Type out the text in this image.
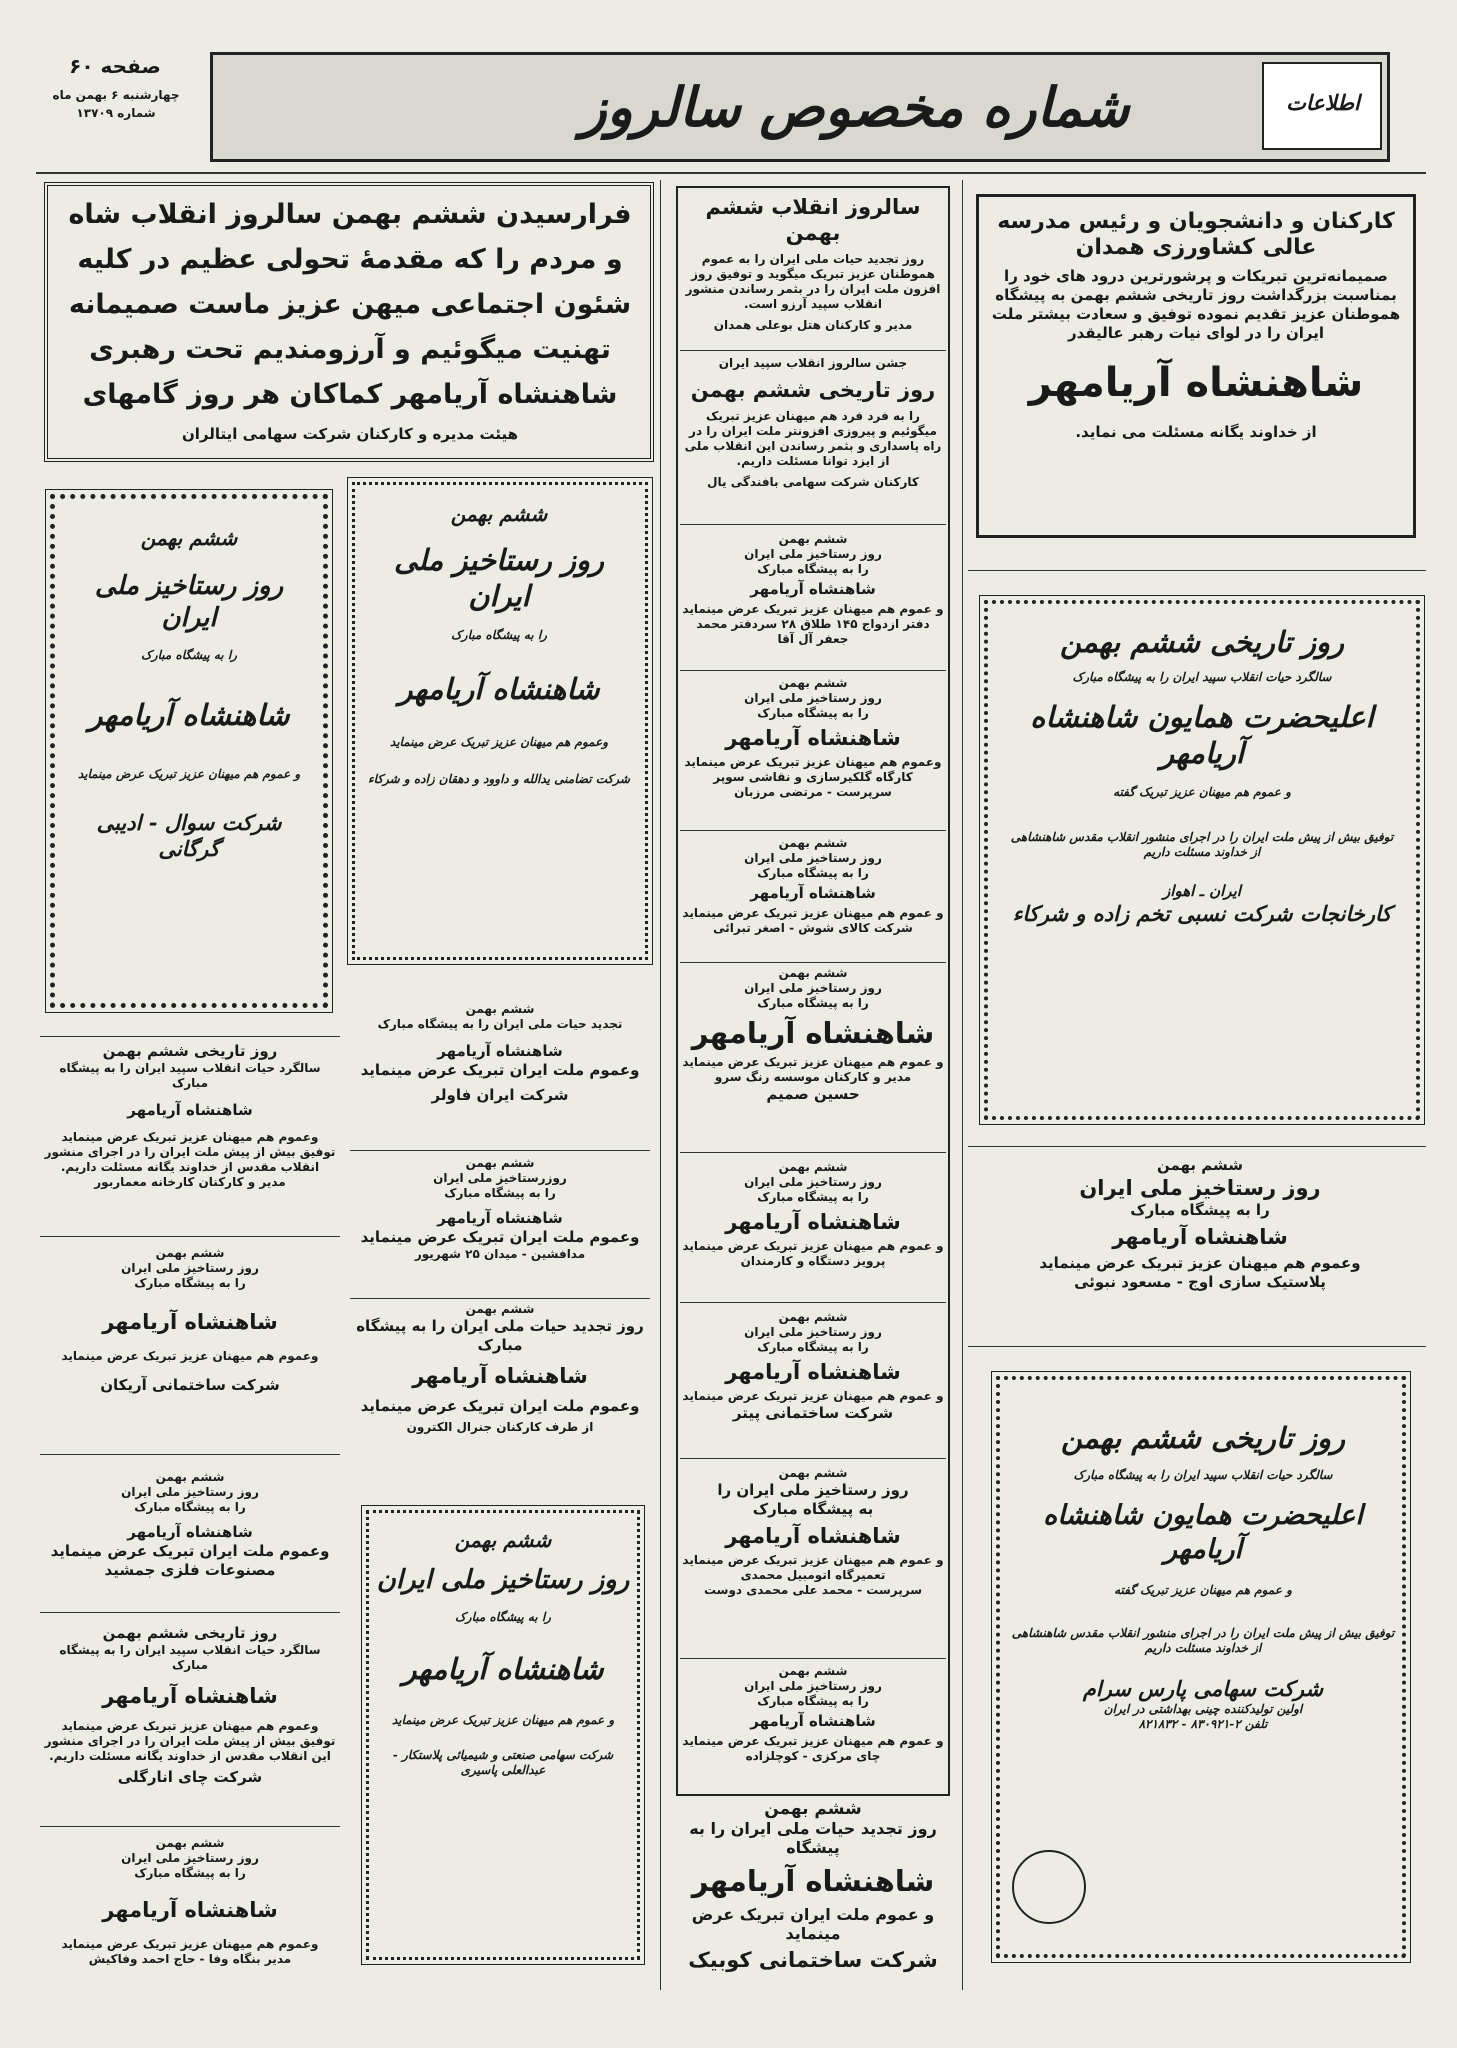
شماره مخصوص سالروز	اطلاعات
صفحه ۶۰
چهارشنبه ۶ بهمن ماه
شماره ۱۳۷۰۹
فرارسیدن ششم بهمن سالروز انقلاب شاه و مردم را که مقدمهٔ تحولی عظیم در کلیه شئون اجتماعی میهن عزیز ماست صمیمانه تهنیت میگوئیم و آرزومندیم تحت رهبری شاهنشاه آریامهر کماکان هر روز گامهای
هیئت مدیره و کارکنان شرکت سهامی ایتالران
سالروز انقلاب ششم بهمن
روز تجدید حیات ملی ایران را به عموم هموطنان عزیز تبریک میگوید و توفیق روز افزون ملت ایران را در بثمر رساندن منشور انقلاب سپید آرزو است.
مدیر و کارکنان هتل بوعلی همدان
جشن سالروز انقلاب سپید ایران
روز تاریخی ششم بهمن
را به فرد فرد هم میهنان عزیز تبریک میگوئیم و پیروزی افزونتر ملت ایران را در راه پاسداری و بثمر رساندن این انقلاب ملی از ایزد توانا مسئلت داریم.
کارکنان شرکت سهامی بافندگی یال
ششم بهمن
روز رستاخیز ملی ایران
را به پیشگاه مبارک
شاهنشاه آریامهر
و عموم هم میهنان عزیز تبریک عرض مینماید
دفتر ازدواج ۱۴۵ طلاق ۲۸ سردفتر محمد جعفر آل آقا
ششم بهمن
روز رستاخیز ملی ایران
را به پیشگاه مبارک
شاهنشاه آریامهر
وعموم هم میهنان عزیز تبریک عرض مینماید
کارگاه گلکیرسازی و نقاشی سوپر
سرپرست - مرتضی مرزبان
ششم بهمن
روز رستاخیز ملی ایران
را به پیشگاه مبارک
شاهنشاه آریامهر
و عموم هم میهنان عزیز تبریک عرض مینماید
شرکت کالای شوش - اصغر تبرائی
ششم بهمن
روز رستاخیز ملی ایران
را به پیشگاه مبارک
شاهنشاه آریامهر
و عموم هم میهنان عزیز تبریک عرض مینماید
مدیر و کارکنان موسسه رنگ سرو
حسین صمیم
ششم بهمن
روز رستاخیز ملی ایران
را به پیشگاه مبارک
شاهنشاه آریامهر
و عموم هم میهنان عزیز تبریک عرض مینماید
پرویز دستگاه و کارمندان
ششم بهمن
روز رستاخیز ملی ایران
را به پیشگاه مبارک
شاهنشاه آریامهر
و عموم هم میهنان عزیز تبریک عرض مینماید
شرکت ساختمانی پیتر
ششم بهمن
روز رستاخیز ملی ایران را
به پیشگاه مبارک
شاهنشاه آریامهر
و عموم هم میهنان عزیز تبریک عرض مینماید
تعمیرگاه اتومبیل محمدی
سرپرست - محمد علی محمدی دوست
ششم بهمن
روز رستاخیز ملی ایران
را به پیشگاه مبارک
شاهنشاه آریامهر
و عموم هم میهنان عزیز تبریک عرض مینماید
چای مرکزی - کوچلزاده
ششم بهمن
روز تجدید حیات ملی ایران را به پیشگاه
شاهنشاه آریامهر
و عموم ملت ایران تبریک عرض مینماید
شرکت ساختمانی کوبیک
ششم بهمن
روز رستاخیز ملی ایران
را به پیشگاه مبارک
شاهنشاه آریامهر
وعموم هم میهنان عزیز تبریک عرض مینماید
شرکت تضامنی یدالله و داوود و دهقان زاده و شرکاء
ششم بهمن
تجدید حیات ملی ایران را به پیشگاه مبارک
شاهنشاه آریامهر
وعموم ملت ایران تبریک عرض مینماید
شرکت ایران فاولر
ششم بهمن
روزرستاخیز ملی ایران
را به پیشگاه مبارک
شاهنشاه آریامهر
وعموم ملت ایران تبریک عرض مینماید
مدافشین - میدان ۲۵ شهریور
ششم بهمن
روز تجدید حیات ملی ایران را به پیشگاه مبارک
شاهنشاه آریامهر
وعموم ملت ایران تبریک عرض مینماید
از طرف کارکنان جنرال الکترون
ششم بهمن
روز رستاخیز ملی ایران
را به پیشگاه مبارک
شاهنشاه آریامهر
و عموم هم میهنان عزیز تبریک عرض مینماید
شرکت سهامی صنعتی و شیمیائی پلاستکار - عبدالعلی پاسیری
ششم بهمن
روز رستاخیز ملی ایران
را به پیشگاه مبارک
شاهنشاه آریامهر
و عموم هم میهنان عزیز تبریک عرض مینماید
شرکت سوال - ادیبی گرگانی
روز تاریخی ششم بهمن
سالگرد حیات انقلاب سپید ایران را به پیشگاه مبارک
شاهنشاه آریامهر
وعموم هم میهنان عزیز تبریک عرض مینماید
توفیق بیش از پیش ملت ایران را در اجرای منشور انقلاب مقدس از خداوند یگانه مسئلت داریم.
مدیر و کارکنان کارخانه معماربور
ششم بهمن
روز رستاخیز ملی ایران
را به پیشگاه مبارک
شاهنشاه آریامهر
وعموم هم میهنان عزیز تبریک عرض مینماید
شرکت ساختمانی آریکان
ششم بهمن
روز رستاخیز ملی ایران
را به پیشگاه مبارک
شاهنشاه آریامهر
وعموم ملت ایران تبریک عرض مینماید
مصنوعات فلزی جمشید
روز تاریخی ششم بهمن
سالگرد حیات انقلاب سپید ایران را به پیشگاه مبارک
شاهنشاه آریامهر
وعموم هم میهنان عزیز تبریک عرض مینماید
توفیق بیش از پیش ملت ایران را در اجرای منشور این انقلاب مقدس از خداوند یگانه مسئلت داریم.
شرکت چای انارگلی
ششم بهمن
روز رستاخیز ملی ایران
را به پیشگاه مبارک
شاهنشاه آریامهر
وعموم هم میهنان عزیز تبریک عرض مینماید
مدیر بنگاه وفا - حاج احمد وفاکیش
کارکنان و دانشجویان و رئیس مدرسه
عالی کشاورزی همدان
صمیمانه‌ترین تبریکات و پرشورترین درود های خود را بمناسبت بزرگداشت روز تاریخی ششم بهمن به پیشگاه هموطنان عزیز تقدیم نموده توفیق و سعادت بیشتر ملت ایران را در لوای نیات رهبر عالیقدر
شاهنشاه آریامهر
از خداوند یگانه مسئلت می نماید.
روز تاریخی ششم بهمن
سالگرد حیات انقلاب سپید ایران را به پیشگاه مبارک
اعلیحضرت همایون شاهنشاه آریامهر
و عموم هم میهنان عزیز تبریک گفته
توفیق بیش از پیش ملت ایران را در اجرای منشور انقلاب مقدس شاهنشاهی
از خداوند مسئلت داریم
ایران ـ اهواز
کارخانجات شرکت نسبی تخم زاده و شرکاء
ششم بهمن
روز رستاخیز ملی ایران
را به پیشگاه مبارک
شاهنشاه آریامهر
وعموم هم میهنان عزیز تبریک عرض مینماید
پلاستیک سازی اوج - مسعود نبوئی
روز تاریخی ششم بهمن
سالگرد حیات انقلاب سپید ایران را به پیشگاه مبارک
اعلیحضرت همایون شاهنشاه آریامهر
و عموم هم میهنان عزیز تبریک گفته
توفیق بیش از پیش ملت ایران را در اجرای منشور انقلاب مقدس شاهنشاهی
از خداوند مسئلت داریم
شرکت سهامی پارس سرام
اولین تولیدکننده چینی بهداشتی در ایران
تلفن ۲-۸۳۰۹۲۱ - ۸۲۱۸۳۲
